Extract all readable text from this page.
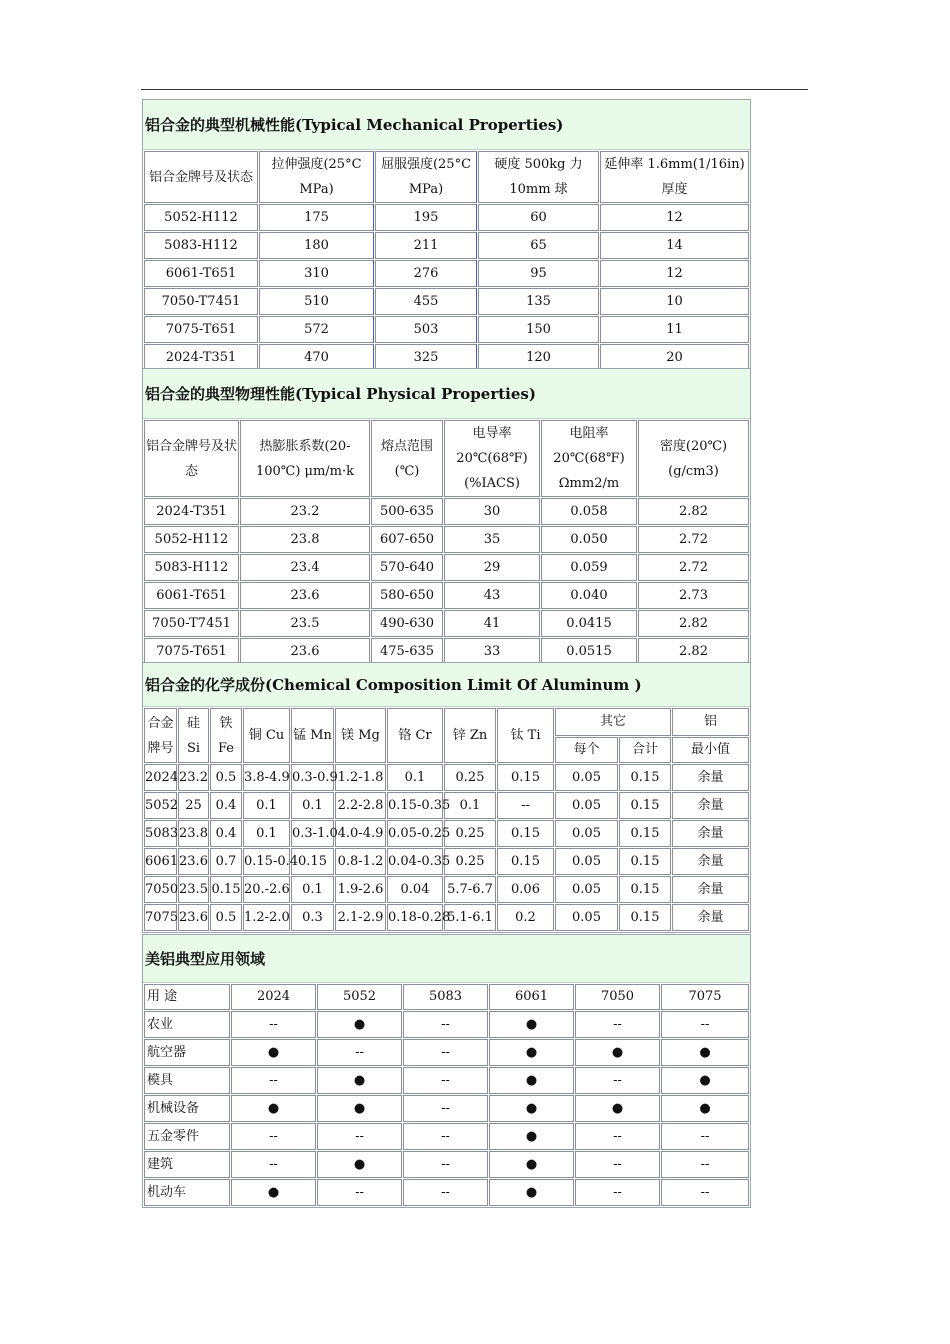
铝合金的典型机械性能(Typical Mechanical Properties)
铝合金牌号及状态	拉伸强度(25°C MPa)	屈服强度(25°C MPa)	硬度 500kg 力10mm 球	延伸率 1.6mm(1/16in)厚度
5052-H112	175	195	60	12
5083-H112	180	211	65	14
6061-T651	310	276	95	12
7050-T7451	510	455	135	10
7075-T651	572	503	150	11
2024-T351	470	325	120	20
铝合金的典型物理性能(Typical Physical Properties)
铝合金牌号及状态	热膨胀系数(20-100℃) μm/m·k	熔点范围(℃)	电导率 20℃(68℉) (%IACS)	电阻率 20℃(68℉) Ωmm2/m	密度(20℃)(g/cm3)
2024-T351	23.2	500-635	30	0.058	2.82
5052-H112	23.8	607-650	35	0.050	2.72
5083-H112	23.4	570-640	29	0.059	2.72
6061-T651	23.6	580-650	43	0.040	2.73
7050-T7451	23.5	490-630	41	0.0415	2.82
7075-T651	23.6	475-635	33	0.0515	2.82
铝合金的化学成份(Chemical Composition Limit Of Aluminum )
合金牌号	硅 Si	铁 Fe	铜 Cu	锰 Mn	镁 Mg	铬 Cr	锌 Zn	钛 Ti	其它		铝
									每个	合计	最小值
2024	23.2	0.5	3.8-4.9	0.3-0.9	1.2-1.8	0.1	0.25	0.15	0.05	0.15	余量
5052	25	0.4	0.1	0.1	2.2-2.8	0.15-0.35	0.1	--	0.05	0.15	余量
5083	23.8	0.4	0.1	0.3-1.0	4.0-4.9	0.05-0.25	0.25	0.15	0.05	0.15	余量
6061	23.6	0.7	0.15-0.4	0.15	0.8-1.2	0.04-0.35	0.25	0.15	0.05	0.15	余量
7050	23.5	0.15	20.-2.6	0.1	1.9-2.6	0.04	5.7-6.7	0.06	0.05	0.15	余量
7075	23.6	0.5	1.2-2.0	0.3	2.1-2.9	0.18-0.28	5.1-6.1	0.2	0.05	0.15	余量
美铝典型应用领域
用 途	2024	5052	5083	6061	7050	7075
农业	--	●	--	●	--	--
航空器	●	--	--	●	●	●
模具	--	●	--	●	--	●
机械设备	●	●	--	●	●	●
五金零件	--	--	--	●	--	--
建筑	--	●	--	●	--	--
机动车	●	--	--	●	--	--
